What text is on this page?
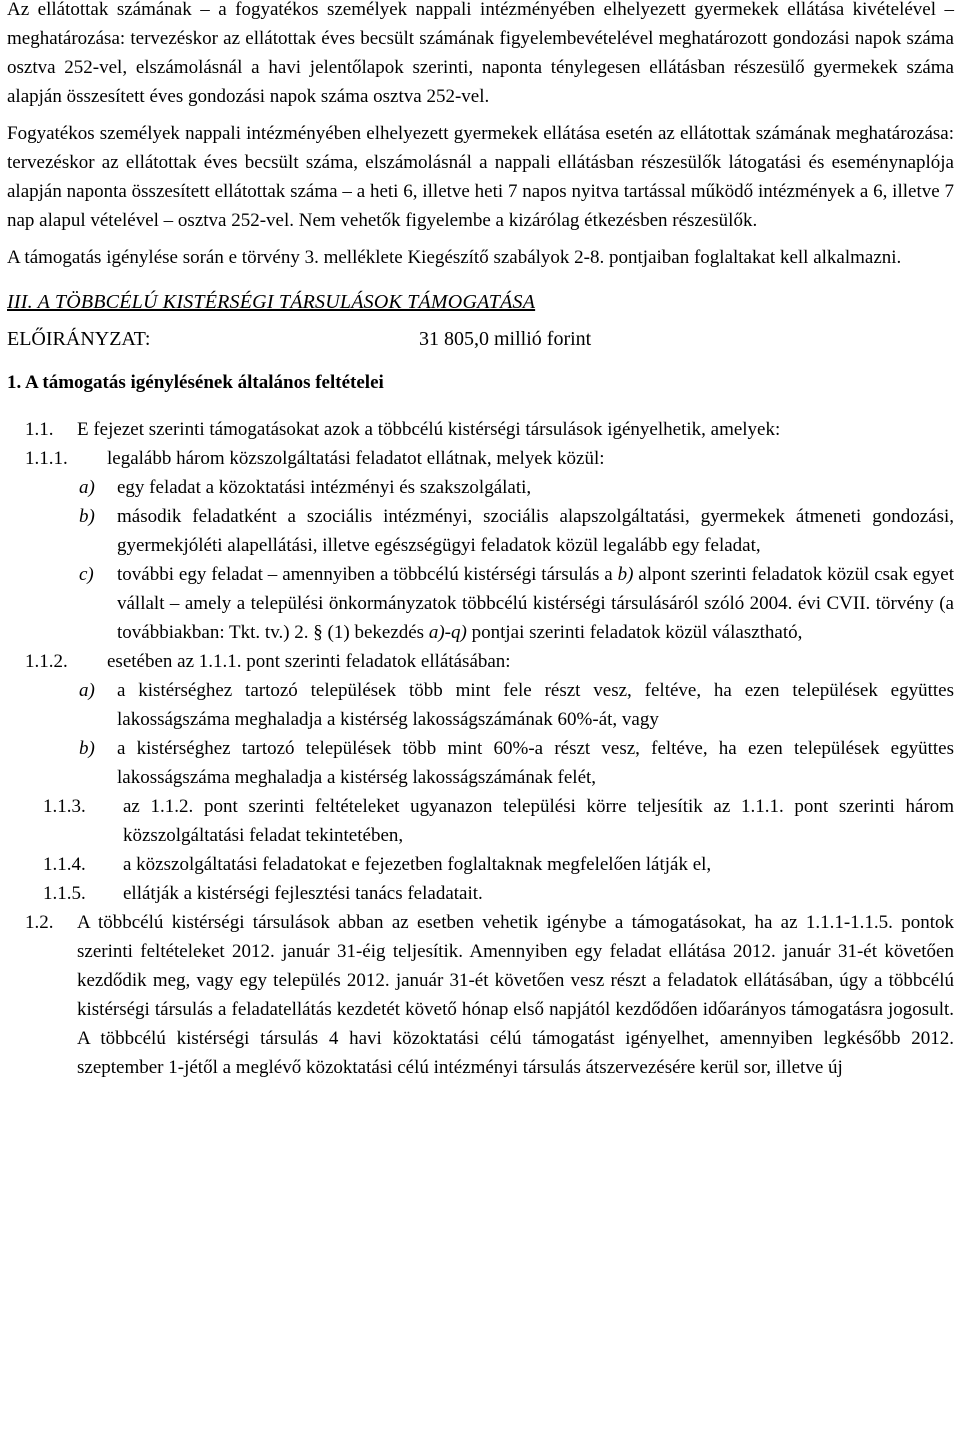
Az ellátottak számának – a fogyatékos személyek nappali intézményében elhelyezett gyermekek ellátása kivételével – meghatározása: tervezéskor az ellátottak éves becsült számának figyelembevételével meghatározott gondozási napok száma osztva 252-vel, elszámolásnál a havi jelentőlapok szerinti, naponta ténylegesen ellátásban részesülő gyermekek száma alapján összesített éves gondozási napok száma osztva 252-vel.

Fogyatékos személyek nappali intézményében elhelyezett gyermekek ellátása esetén az ellátottak számának meghatározása: tervezéskor az ellátottak éves becsült száma, elszámolásnál a nappali ellátásban részesülők látogatási és eseménynaplója alapján naponta összesített ellátottak száma – a heti 6, illetve heti 7 napos nyitva tartással működő intézmények a 6, illetve 7 nap alapul vételével – osztva 252-vel. Nem vehetők figyelembe a kizárólag étkezésben részesülők.

A támogatás igénylése során e törvény 3. melléklete Kiegészítő szabályok 2-8. pontjaiban foglaltakat kell alkalmazni.

III. A TÖBBCÉLÚ KISTÉRSÉGI TÁRSULÁSOK TÁMOGATÁSA

ELŐIRÁNYZAT:	31 805,0 millió forint

1. A támogatás igénylésének általános feltételei

1.1.	E fejezet szerinti támogatásokat azok a többcélú kistérségi társulások igényelhetik, amelyek:
1.1.1.	legalább három közszolgáltatási feladatot ellátnak, melyek közül:
a)	egy feladat a közoktatási intézményi és szakszolgálati,
b)	második feladatként a szociális intézményi, szociális alapszolgáltatási, gyermekek átmeneti gondozási, gyermekjóléti alapellátási, illetve egészségügyi feladatok közül legalább egy feladat,
c)	további egy feladat – amennyiben a többcélú kistérségi társulás a b) alpont szerinti feladatok közül csak egyet vállalt – amely a települési önkormányzatok többcélú kistérségi társulásáról szóló 2004. évi CVII. törvény (a továbbiakban: Tkt. tv.) 2. § (1) bekezdés a)-q) pontjai szerinti feladatok közül választható,
1.1.2.	esetében az 1.1.1. pont szerinti feladatok ellátásában:
a)	a kistérséghez tartozó települések több mint fele részt vesz, feltéve, ha ezen települések együttes lakosságszáma meghaladja a kistérség lakosságszámának 60%-át, vagy
b)	a kistérséghez tartozó települések több mint 60%-a részt vesz, feltéve, ha ezen települések együttes lakosságszáma meghaladja a kistérség lakosságszámának felét,
1.1.3.	az 1.1.2. pont szerinti feltételeket ugyanazon települési körre teljesítik az 1.1.1. pont szerinti három közszolgáltatási feladat tekintetében,
1.1.4.	a közszolgáltatási feladatokat e fejezetben foglaltaknak megfelelően látják el,
1.1.5.	ellátják a kistérségi fejlesztési tanács feladatait.
1.2.	A többcélú kistérségi társulások abban az esetben vehetik igénybe a támogatásokat, ha az 1.1.1-1.1.5. pontok szerinti feltételeket 2012. január 31-éig teljesítik. Amennyiben egy feladat ellátása 2012. január 31-ét követően kezdődik meg, vagy egy település 2012. január 31-ét követően vesz részt a feladatok ellátásában, úgy a többcélú kistérségi társulás a feladatellátás kezdetét követő hónap első napjától kezdődően időarányos támogatásra jogosult. A többcélú kistérségi társulás 4 havi közoktatási célú támogatást igényelhet, amennyiben legkésőbb 2012. szeptember 1-jétől a meglévő közoktatási célú intézményi társulás átszervezésére kerül sor, illetve új
